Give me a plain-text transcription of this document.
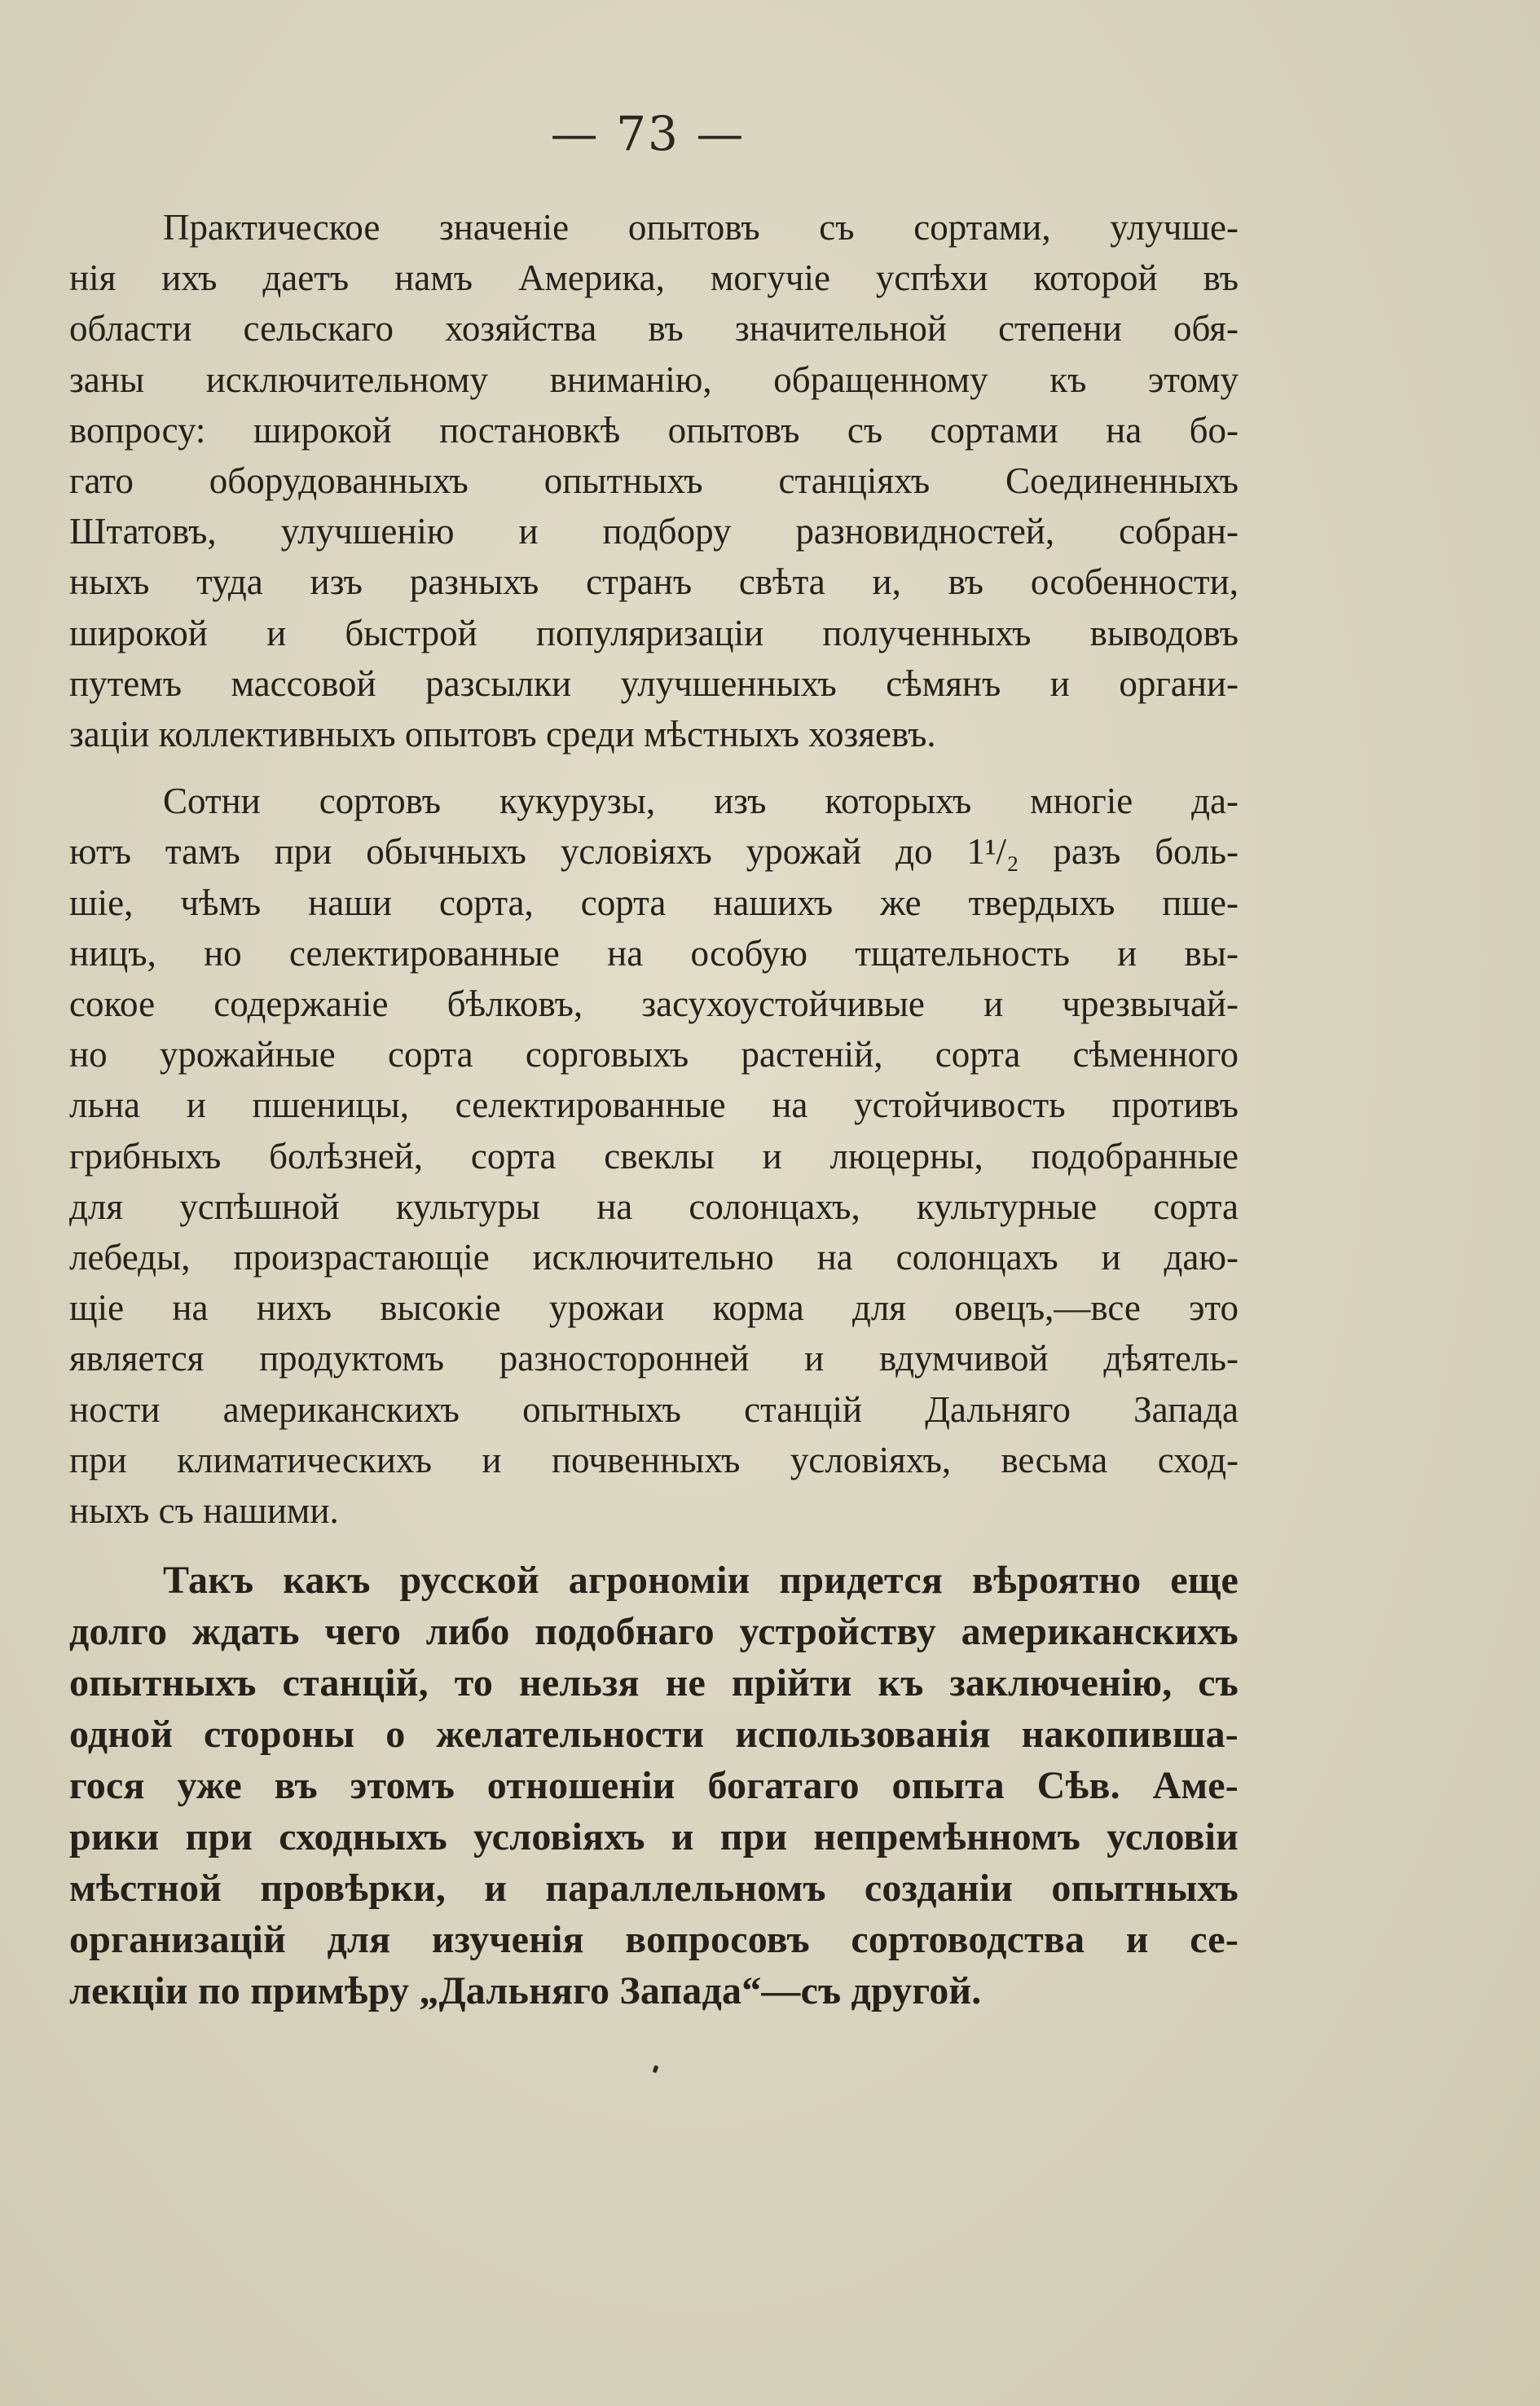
— 73 —
Практическое значеніе опытовъ съ сортами, улучше-
нія ихъ даетъ намъ Америка, могучіе успѣхи которой въ
области сельскаго хозяйства въ значительной степени обя-
заны исключительному вниманію, обращенному къ этому
вопросу: широкой постановкѣ опытовъ съ сортами на бо-
гато оборудованныхъ опытныхъ станціяхъ Соединенныхъ
Штатовъ, улучшенію и подбору разновидностей, собран-
ныхъ туда изъ разныхъ странъ свѣта и, въ особенности,
широкой и быстрой популяризаціи полученныхъ выводовъ
путемъ массовой разсылки улучшенныхъ сѣмянъ и органи-
заціи коллективныхъ опытовъ среди мѣстныхъ хозяевъ.
Сотни сортовъ кукурузы, изъ которыхъ многіе да-
ютъ тамъ при обычныхъ условіяхъ урожай до 1¹/₂ разъ боль-
шіе, чѣмъ наши сорта, сорта нашихъ же твердыхъ пше-
ницъ, но селектированные на особую тщательность и вы-
сокое содержаніе бѣлковъ, засухоустойчивые и чрезвычай-
но урожайные сорта сорговыхъ растеній, сорта сѣменного
льна и пшеницы, селектированные на устойчивость противъ
грибныхъ болѣзней, сорта свеклы и люцерны, подобранные
для успѣшной культуры на солонцахъ, культурные сорта
лебеды, произрастающіе исключительно на солонцахъ и даю-
щіе на нихъ высокіе урожаи корма для овецъ,—все это
является продуктомъ разносторонней и вдумчивой дѣятель-
ности американскихъ опытныхъ станцій Дальняго Запада
при климатическихъ и почвенныхъ условіяхъ, весьма сход-
ныхъ съ нашими.
Такъ какъ русской агрономіи придется вѣроятно еще
долго ждать чего либо подобнаго устройству американскихъ
опытныхъ станцій, то нельзя не прійти къ заключенію, съ
одной стороны о желательности использованія накопивша-
гося уже въ этомъ отношеніи богатаго опыта Сѣв. Аме-
рики при сходныхъ условіяхъ и при непремѣнномъ условіи
мѣстной провѣрки, и параллельномъ созданіи опытныхъ
организацій для изученія вопросовъ сортоводства и се-
лекціи по примѣру „Дальняго Запада“—съ другой.
